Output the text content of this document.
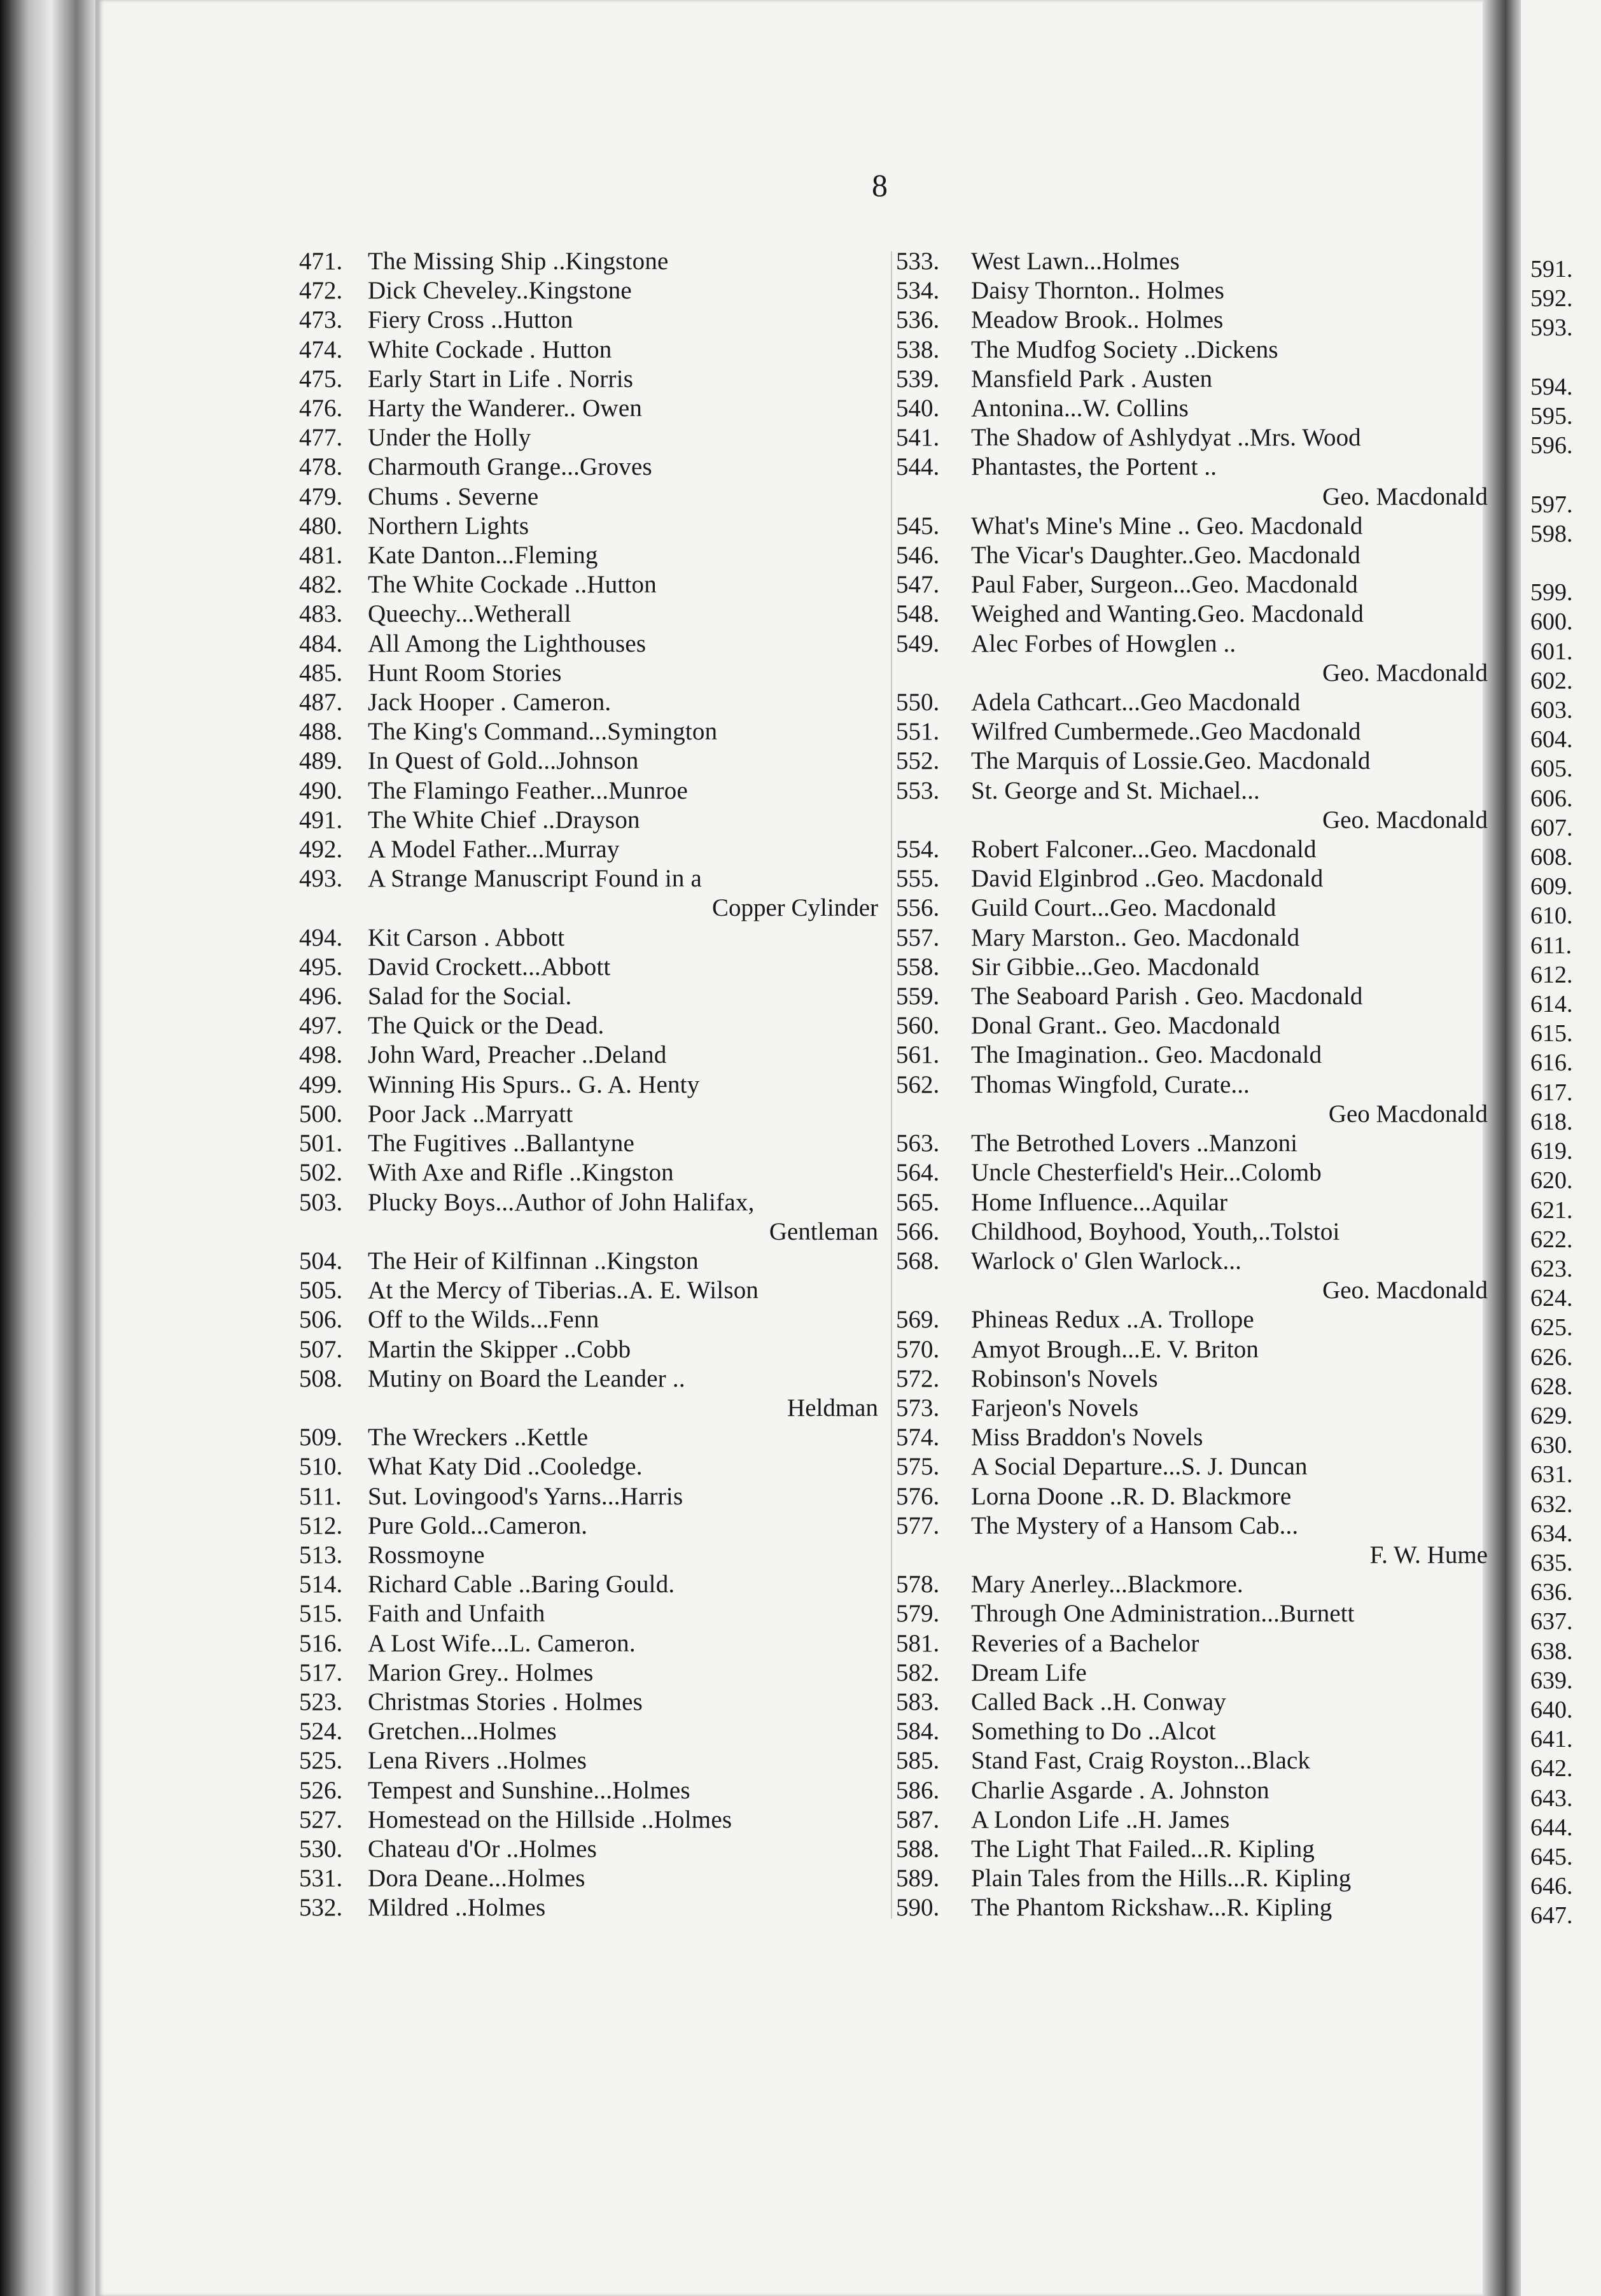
8
471.	The Missing Ship ..Kingstone
472.	Dick Cheveley..Kingstone
473.	Fiery Cross ..Hutton
474.	White Cockade . Hutton
475.	Early Start in Life . Norris
476.	Harty the Wanderer.. Owen
477.	Under the Holly
478.	Charmouth Grange...Groves
479.	Chums . Severne
480.	Northern Lights
481.	Kate Danton...Fleming
482.	The White Cockade ..Hutton
483.	Queechy...Wetherall
484.	All Among the Lighthouses
485.	Hunt Room Stories
487.	Jack Hooper . Cameron.
488.	The King's Command...Symington
489.	In Quest of Gold...Johnson
490.	The Flamingo Feather...Munroe
491.	The White Chief ..Drayson
492.	A Model Father...Murray
493.	A Strange Manuscript Found in a
Copper Cylinder
494.	Kit Carson . Abbott
495.	David Crockett...Abbott
496.	Salad for the Social.
497.	The Quick or the Dead.
498.	John Ward, Preacher ..Deland
499.	Winning His Spurs.. G. A. Henty
500.	Poor Jack ..Marryatt
501.	The Fugitives ..Ballantyne
502.	With Axe and Rifle ..Kingston
503.	Plucky Boys...Author of John Halifax,
Gentleman
504.	The Heir of Kilfinnan ..Kingston
505.	At the Mercy of Tiberias..A. E. Wilson
506.	Off to the Wilds...Fenn
507.	Martin the Skipper ..Cobb
508.	Mutiny on Board the Leander ..
Heldman
509.	The Wreckers ..Kettle
510.	What Katy Did ..Cooledge.
511.	Sut. Lovingood's Yarns...Harris
512.	Pure Gold...Cameron.
513.	Rossmoyne
514.	Richard Cable ..Baring Gould.
515.	Faith and Unfaith
516.	A Lost Wife...L. Cameron.
517.	Marion Grey.. Holmes
523.	Christmas Stories . Holmes
524.	Gretchen...Holmes
525.	Lena Rivers ..Holmes
526.	Tempest and Sunshine...Holmes
527.	Homestead on the Hillside ..Holmes
530.	Chateau d'Or ..Holmes
531.	Dora Deane...Holmes
532.	Mildred ..Holmes
533.	West Lawn...Holmes
534.	Daisy Thornton.. Holmes
536.	Meadow Brook.. Holmes
538.	The Mudfog Society ..Dickens
539.	Mansfield Park . Austen
540.	Antonina...W. Collins
541.	The Shadow of Ashlydyat ..Mrs. Wood
544.	Phantastes, the Portent ..
Geo. Macdonald
545.	What's Mine's Mine .. Geo. Macdonald
546.	The Vicar's Daughter..Geo. Macdonald
547.	Paul Faber, Surgeon...Geo. Macdonald
548.	Weighed and Wanting.Geo. Macdonald
549.	Alec Forbes of Howglen ..
Geo. Macdonald
550.	Adela Cathcart...Geo Macdonald
551.	Wilfred Cumbermede..Geo Macdonald
552.	The Marquis of Lossie.Geo. Macdonald
553.	St. George and St. Michael...
Geo. Macdonald
554.	Robert Falconer...Geo. Macdonald
555.	David Elginbrod ..Geo. Macdonald
556.	Guild Court...Geo. Macdonald
557.	Mary Marston.. Geo. Macdonald
558.	Sir Gibbie...Geo. Macdonald
559.	The Seaboard Parish . Geo. Macdonald
560.	Donal Grant.. Geo. Macdonald
561.	The Imagination.. Geo. Macdonald
562.	Thomas Wingfold, Curate...
Geo Macdonald
563.	The Betrothed Lovers ..Manzoni
564.	Uncle Chesterfield's Heir...Colomb
565.	Home Influence...Aquilar
566.	Childhood, Boyhood, Youth,..Tolstoi
568.	Warlock o' Glen Warlock...
Geo. Macdonald
569.	Phineas Redux ..A. Trollope
570.	Amyot Brough...E. V. Briton
572.	Robinson's Novels
573.	Farjeon's Novels
574.	Miss Braddon's Novels
575.	A Social Departure...S. J. Duncan
576.	Lorna Doone ..R. D. Blackmore
577.	The Mystery of a Hansom Cab...
F. W. Hume
578.	Mary Anerley...Blackmore.
579.	Through One Administration...Burnett
581.	Reveries of a Bachelor
582.	Dream Life
583.	Called Back ..H. Conway
584.	Something to Do ..Alcot
585.	Stand Fast, Craig Royston...Black
586.	Charlie Asgarde . A. Johnston
587.	A London Life ..H. James
588.	The Light That Failed...R. Kipling
589.	Plain Tales from the Hills...R. Kipling
590.	The Phantom Rickshaw...R. Kipling
591.
592.
593.

594.
595.
596.

597.
598.

599.
600.
601.
602.
603.
604.
605.
606.
607.
608.
609.
610.
611.
612.
614.
615.
616.
617.
618.
619.
620.
621.
622.
623.
624.
625.
626.
628.
629.
630.
631.
632.
634.
635.
636.
637.
638.
639.
640.
641.
642.
643.
644.
645.
646.
647.
